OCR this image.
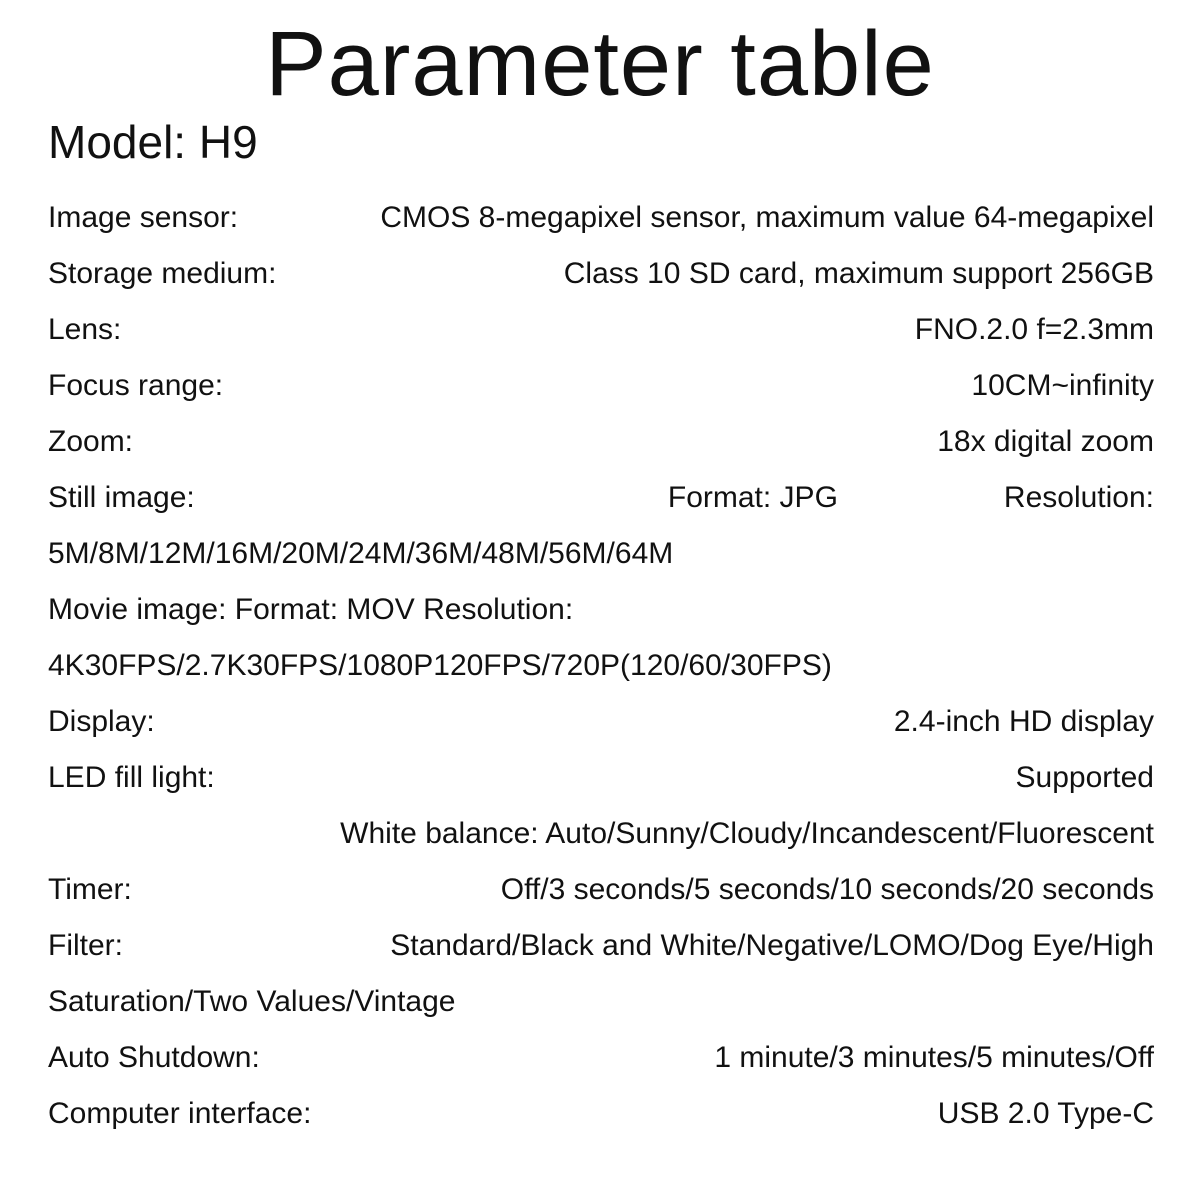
Parameter table
Model: H9
Image sensor:	CMOS 8-megapixel sensor, maximum value 64-megapixel
Storage medium:	Class 10 SD card, maximum support 256GB
Lens:	FNO.2.0 f=2.3mm
Focus range:	10CM~infinity
Zoom:	18x digital zoom
Still image:	Format: JPG	Resolution:
5M/8M/12M/16M/20M/24M/36M/48M/56M/64M
Movie image: Format: MOV Resolution:
4K30FPS/2.7K30FPS/1080P120FPS/720P(120/60/30FPS)
Display:	2.4-inch HD display
LED fill light:	Supported
White balance: Auto/Sunny/Cloudy/Incandescent/Fluorescent
Timer:	Off/3 seconds/5 seconds/10 seconds/20 seconds
Filter:	Standard/Black and White/Negative/LOMO/Dog Eye/High
Saturation/Two Values/Vintage
Auto Shutdown:	1 minute/3 minutes/5 minutes/Off
Computer interface:	USB 2.0 Type-C
